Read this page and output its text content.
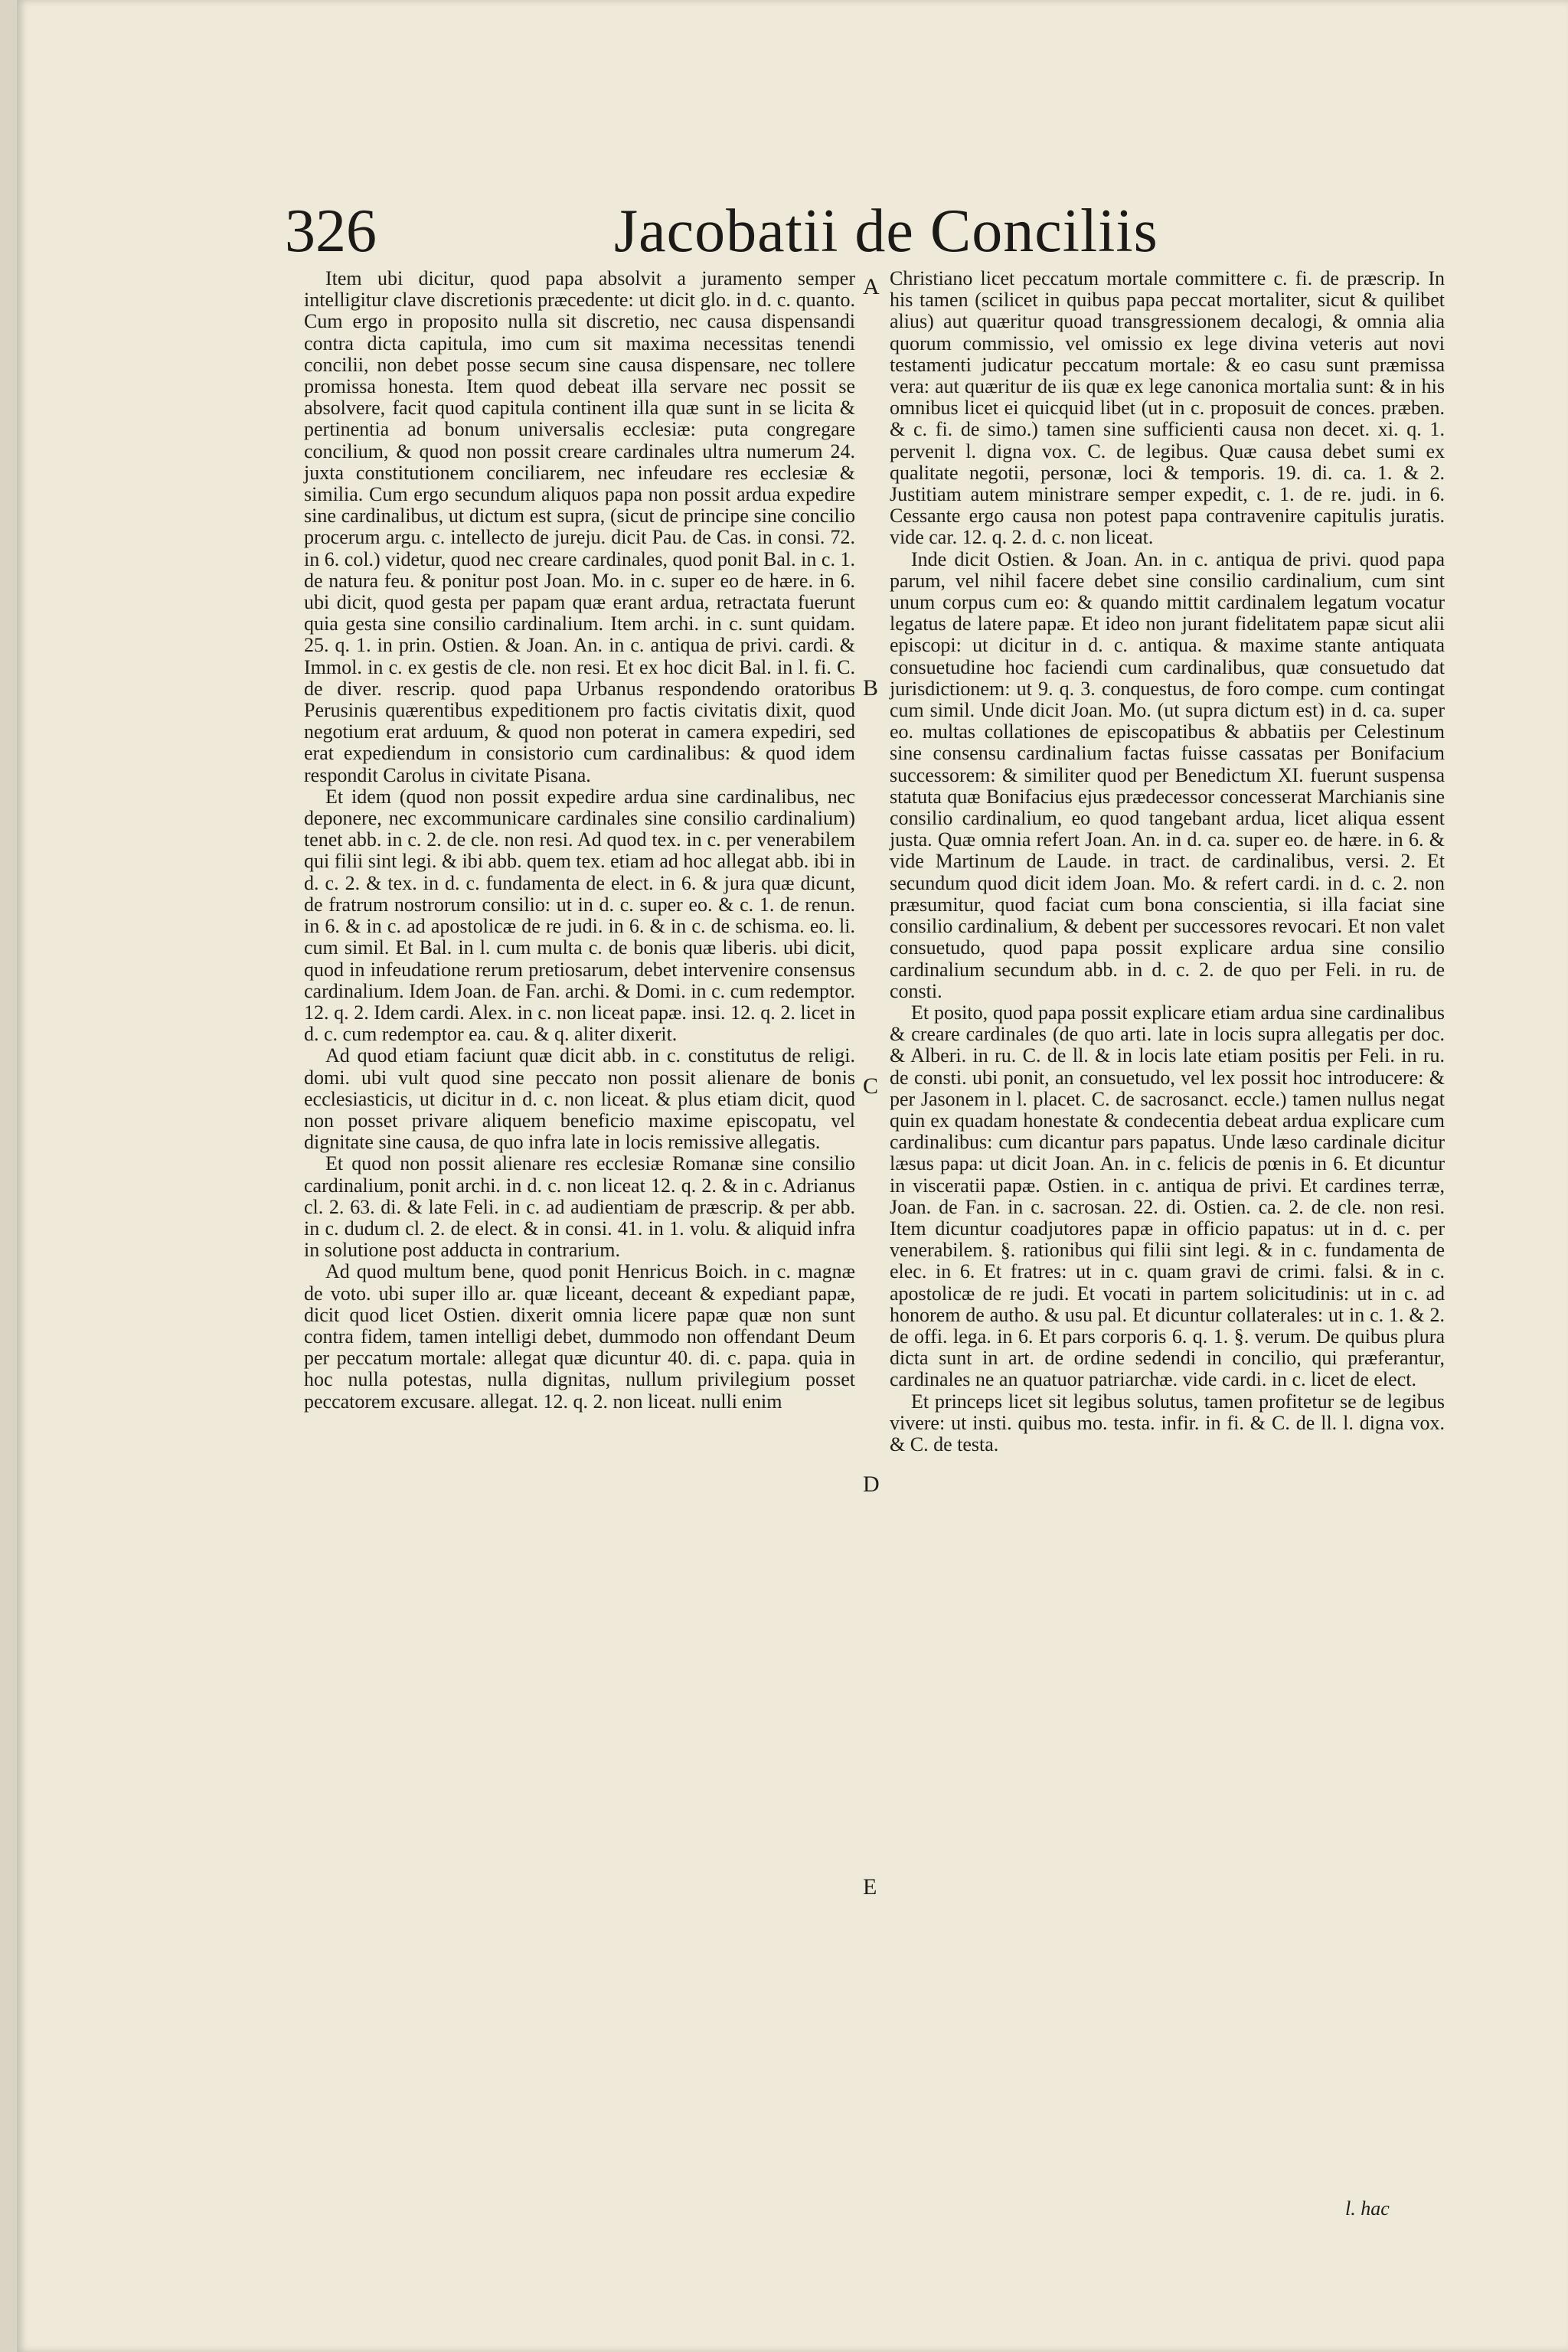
326	Jacobatii de Conciliis

Item ubi dicitur, quod papa absolvit a juramento semper intelligitur clave discretionis præcedente: ut dicit glo. in d. c. quanto. Cum ergo in proposito nulla sit discretio, nec causa dispensandi contra dicta capitula, imo cum sit maxima necessitas tenendi concilii, non debet posse secum sine causa dispensare, nec tollere promissa honesta. Item quod debeat illa servare nec possit se absolvere, facit quod capitula continent illa quæ sunt in se licita & pertinentia ad bonum universalis ecclesiæ: puta congregare concilium, & quod non possit creare cardinales ultra numerum 24. juxta constitutionem conciliarem, nec infeudare res ecclesiæ & similia. Cum ergo secundum aliquos papa non possit ardua expedire sine cardinalibus, ut dictum est supra, (sicut de principe sine concilio procerum argu. c. intellecto de jureju. dicit Pau. de Cas. in consi. 72. in 6. col.) videtur, quod nec creare cardinales, quod ponit Bal. in c. 1. de natura feu. & ponitur post Joan. Mo. in c. super eo de hære. in 6. ubi dicit, quod gesta per papam quæ erant ardua, retractata fuerunt quia gesta sine consilio cardinalium. Item archi. in c. sunt quidam. 25. q. 1. in prin. Ostien. & Joan. An. in c. antiqua de privi. cardi. & Immol. in c. ex gestis de cle. non resi. Et ex hoc dicit Bal. in l. fi. C. de diver. rescrip. quod papa Urbanus respondendo oratoribus Perusinis quærentibus expeditionem pro factis civitatis dixit, quod negotium erat arduum, & quod non poterat in camera expediri, sed erat expediendum in consistorio cum cardinalibus: & quod idem respondit Carolus in civitate Pisana.

Et idem (quod non possit expedire ardua sine cardinalibus, nec deponere, nec excommunicare cardinales sine consilio cardinalium) tenet abb. in c. 2. de cle. non resi. Ad quod tex. in c. per venerabilem qui filii sint legi. & ibi abb. quem tex. etiam ad hoc allegat abb. ibi in d. c. 2. & tex. in d. c. fundamenta de elect. in 6. & jura quæ dicunt, de fratrum nostrorum consilio: ut in d. c. super eo. & c. 1. de renun. in 6. & in c. ad apostolicæ de re judi. in 6. & in c. de schisma. eo. li. cum simil. Et Bal. in l. cum multa c. de bonis quæ liberis. ubi dicit, quod in infeudatione rerum pretiosarum, debet intervenire consensus cardinalium. Idem Joan. de Fan. archi. & Domi. in c. cum redemptor. 12. q. 2. Idem cardi. Alex. in c. non liceat papæ. insi. 12. q. 2. licet in d. c. cum redemptor ea. cau. & q. aliter dixerit.

Ad quod etiam faciunt quæ dicit abb. in c. constitutus de religi. domi. ubi vult quod sine peccato non possit alienare de bonis ecclesiasticis, ut dicitur in d. c. non liceat. & plus etiam dicit, quod non posset privare aliquem beneficio maxime episcopatu, vel dignitate sine causa, de quo infra late in locis remissive allegatis.

Et quod non possit alienare res ecclesiæ Romanæ sine consilio cardinalium, ponit archi. in d. c. non liceat 12. q. 2. & in c. Adrianus cl. 2. 63. di. & late Feli. in c. ad audientiam de præscrip. & per abb. in c. dudum cl. 2. de elect. & in consi. 41. in 1. volu. & aliquid infra in solutione post adducta in contrarium.

Ad quod multum bene, quod ponit Henricus Boich. in c. magnæ de voto. ubi super illo ar. quæ liceant, deceant & expediant papæ, dicit quod licet Ostien. dixerit omnia licere papæ quæ non sunt contra fidem, tamen intelligi debet, dummodo non offendant Deum per peccatum mortale: allegat quæ dicuntur 40. di. c. papa. quia in hoc nulla potestas, nulla dignitas, nullum privilegium posset peccatorem excusare. allegat. 12. q. 2. non liceat. nulli enim

A
B
C
D
E

Christiano licet peccatum mortale committere c. fi. de præscrip. In his tamen (scilicet in quibus papa peccat mortaliter, sicut & quilibet alius) aut quæritur quoad transgressionem decalogi, & omnia alia quorum commissio, vel omissio ex lege divina veteris aut novi testamenti judicatur peccatum mortale: & eo casu sunt præmissa vera: aut quæritur de iis quæ ex lege canonica mortalia sunt: & in his omnibus licet ei quicquid libet (ut in c. proposuit de conces. præben. & c. fi. de simo.) tamen sine sufficienti causa non decet. xi. q. 1. pervenit l. digna vox. C. de legibus. Quæ causa debet sumi ex qualitate negotii, personæ, loci & temporis. 19. di. ca. 1. & 2. Justitiam autem ministrare semper expedit, c. 1. de re. judi. in 6. Cessante ergo causa non potest papa contravenire capitulis juratis. vide car. 12. q. 2. d. c. non liceat.

Inde dicit Ostien. & Joan. An. in c. antiqua de privi. quod papa parum, vel nihil facere debet sine consilio cardinalium, cum sint unum corpus cum eo: & quando mittit cardinalem legatum vocatur legatus de latere papæ. Et ideo non jurant fidelitatem papæ sicut alii episcopi: ut dicitur in d. c. antiqua. & maxime stante antiquata consuetudine hoc faciendi cum cardinalibus, quæ consuetudo dat jurisdictionem: ut 9. q. 3. conquestus, de foro compe. cum contingat cum simil. Unde dicit Joan. Mo. (ut supra dictum est) in d. ca. super eo. multas collationes de episcopatibus & abbatiis per Celestinum sine consensu cardinalium factas fuisse cassatas per Bonifacium successorem: & similiter quod per Benedictum XI. fuerunt suspensa statuta quæ Bonifacius ejus prædecessor concesserat Marchianis sine consilio cardinalium, eo quod tangebant ardua, licet aliqua essent justa. Quæ omnia refert Joan. An. in d. ca. super eo. de hære. in 6. & vide Martinum de Laude. in tract. de cardinalibus, versi. 2. Et secundum quod dicit idem Joan. Mo. & refert cardi. in d. c. 2. non præsumitur, quod faciat cum bona conscientia, si illa faciat sine consilio cardinalium, & debent per successores revocari. Et non valet consuetudo, quod papa possit explicare ardua sine consilio cardinalium secundum abb. in d. c. 2. de quo per Feli. in ru. de consti.

Et posito, quod papa possit explicare etiam ardua sine cardinalibus & creare cardinales (de quo arti. late in locis supra allegatis per doc. & Alberi. in ru. C. de ll. & in locis late etiam positis per Feli. in ru. de consti. ubi ponit, an consuetudo, vel lex possit hoc introducere: & per Jasonem in l. placet. C. de sacrosanct. eccle.) tamen nullus negat quin ex quadam honestate & condecentia debeat ardua explicare cum cardinalibus: cum dicantur pars papatus. Unde læso cardinale dicitur læsus papa: ut dicit Joan. An. in c. felicis de pœnis in 6. Et dicuntur in visceratii papæ. Ostien. in c. antiqua de privi. Et cardines terræ, Joan. de Fan. in c. sacrosan. 22. di. Ostien. ca. 2. de cle. non resi. Item dicuntur coadjutores papæ in officio papatus: ut in d. c. per venerabilem. §. rationibus qui filii sint legi. & in c. fundamenta de elec. in 6. Et fratres: ut in c. quam gravi de crimi. falsi. & in c. apostolicæ de re judi. Et vocati in partem solicitudinis: ut in c. ad honorem de autho. & usu pal. Et dicuntur collaterales: ut in c. 1. & 2. de offi. lega. in 6. Et pars corporis 6. q. 1. §. verum. De quibus plura dicta sunt in art. de ordine sedendi in concilio, qui præferantur, cardinales ne an quatuor patriarchæ. vide cardi. in c. licet de elect.

Et princeps licet sit legibus solutus, tamen profitetur se de legibus vivere: ut insti. quibus mo. testa. infir. in fi. & C. de ll. l. digna vox. & C. de testa.

l. hac
